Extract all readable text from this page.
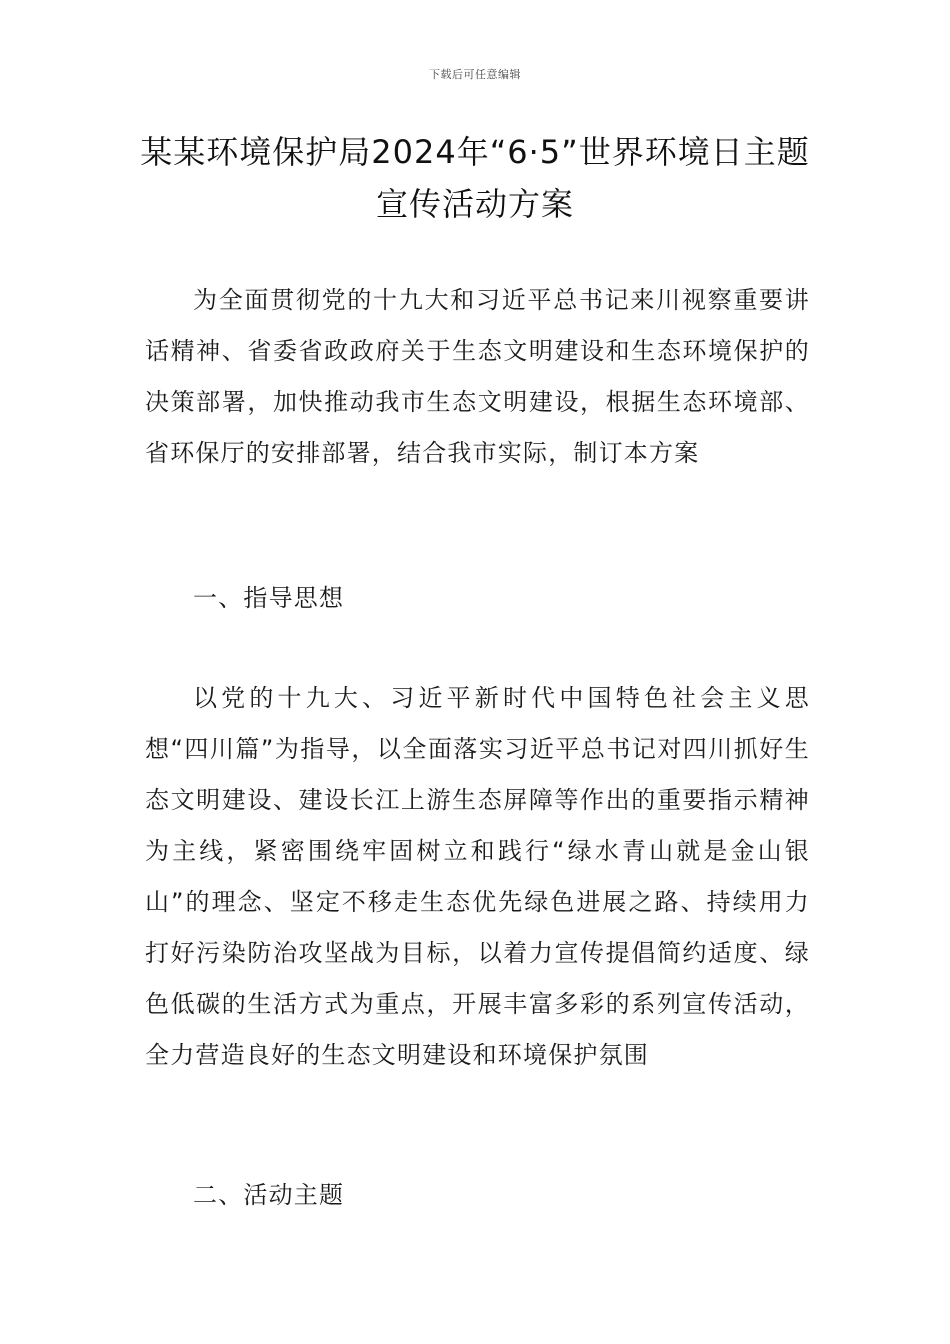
下载后可任意编辑
某某环境保护局2024年“6·5”世界环境日主题宣传活动方案
为全面贯彻党的十九大和习近平总书记来川视察重要讲话精神、省委省政政府关于生态文明建设和生态环境保护的决策部署，加快推动我市生态文明建设，根据生态环境部、省环保厅的安排部署，结合我市实际，制订本方案
一、指导思想
以党的十九大、习近平新时代中国特色社会主义思想“四川篇”为指导，以全面落实习近平总书记对四川抓好生态文明建设、建设长江上游生态屏障等作出的重要指示精神为主线，紧密围绕牢固树立和践行“绿水青山就是金山银山”的理念、坚定不移走生态优先绿色进展之路、持续用力打好污染防治攻坚战为目标，以着力宣传提倡简约适度、绿色低碳的生活方式为重点，开展丰富多彩的系列宣传活动，全力营造良好的生态文明建设和环境保护氛围
二、活动主题
